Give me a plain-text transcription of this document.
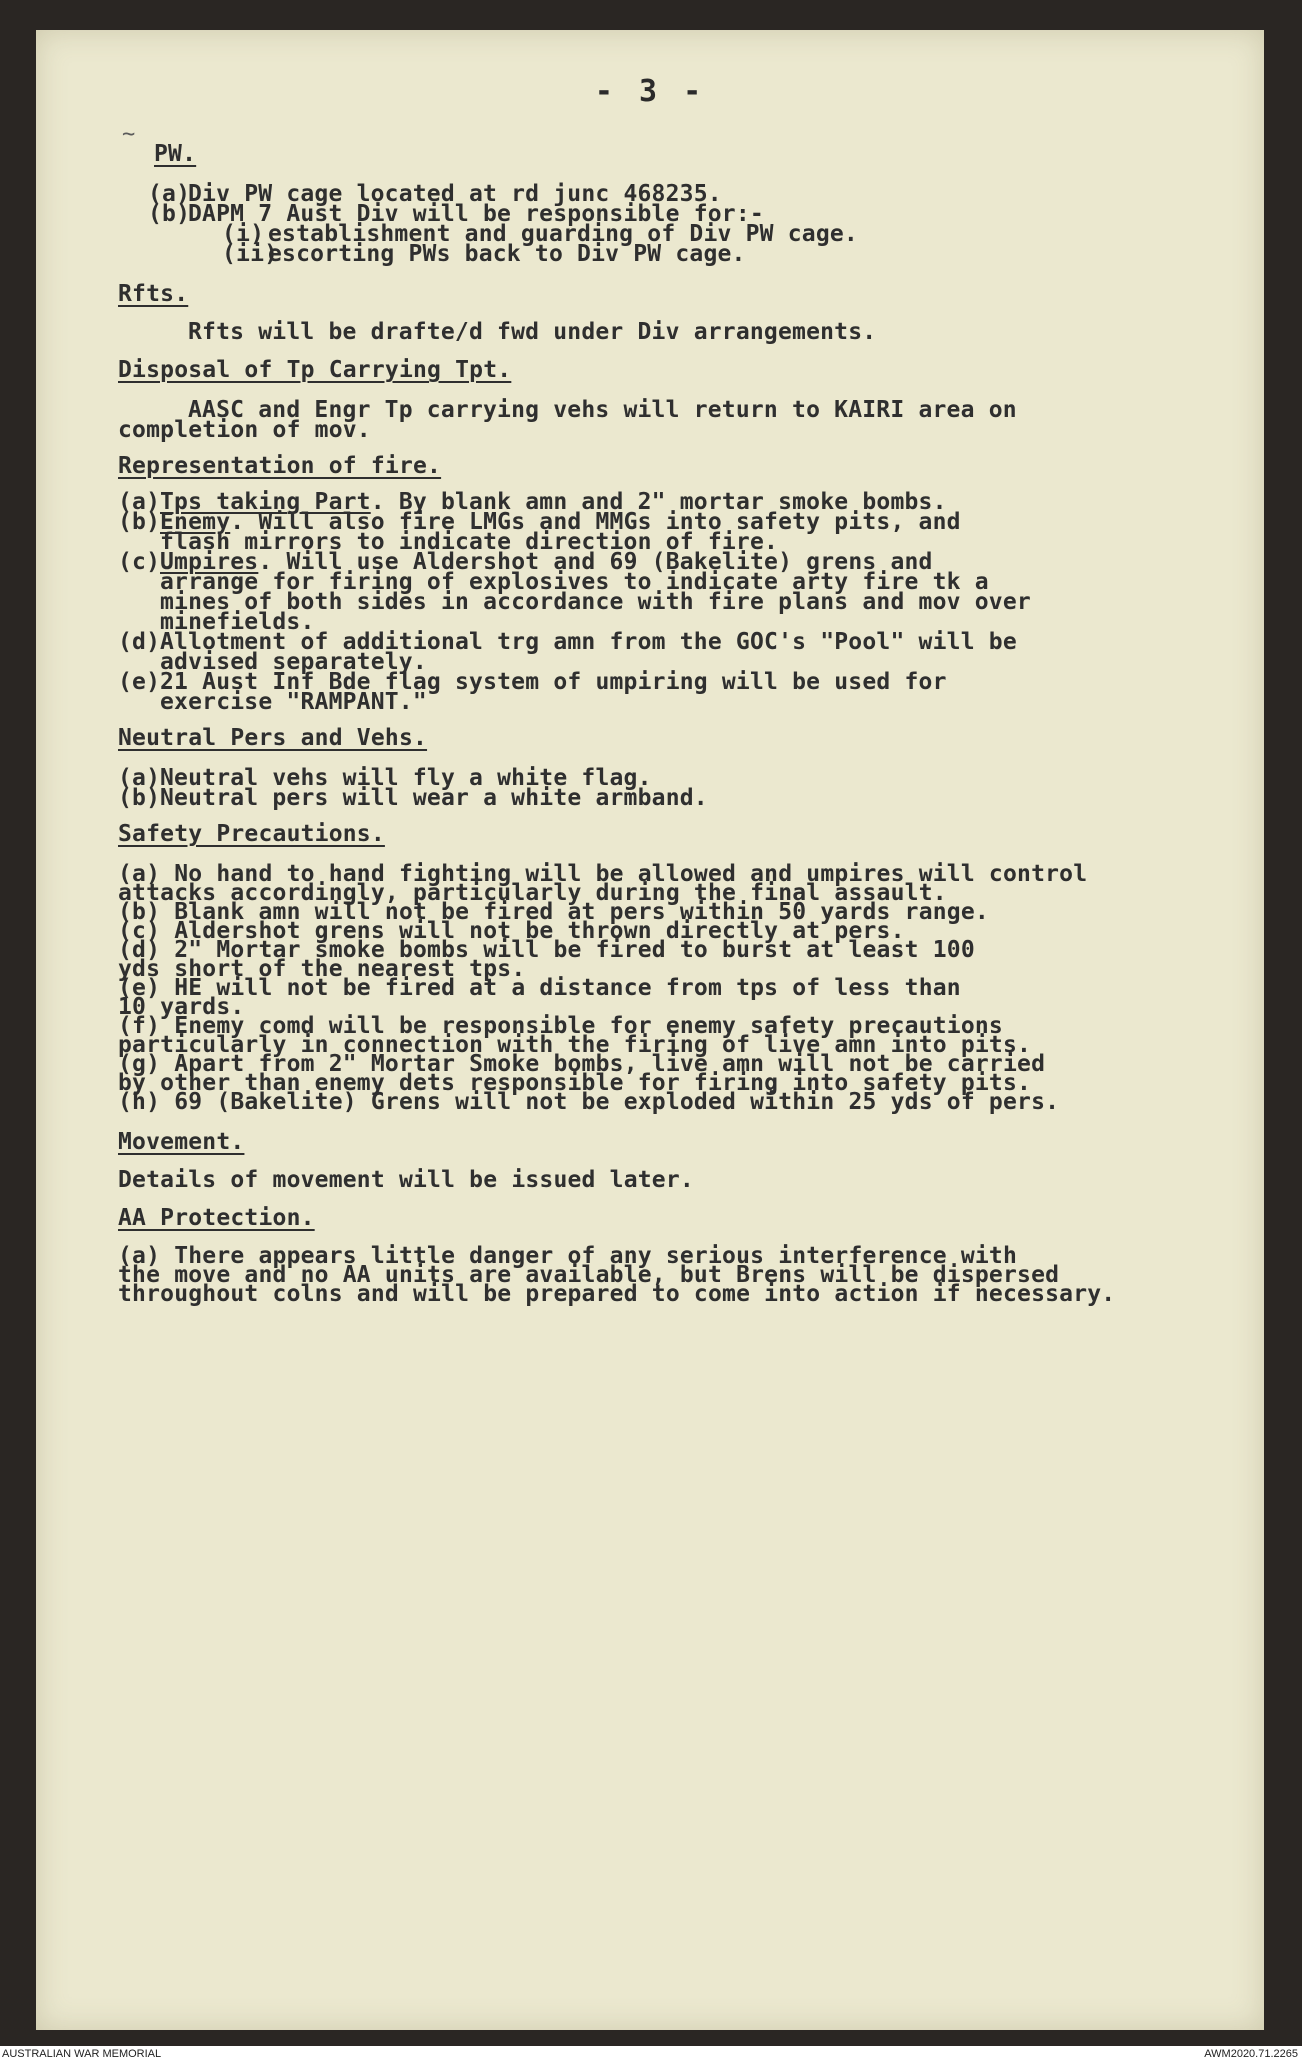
- 3 -
~
PW.
(a)
Div PW cage located at rd junc 468235.
(b)
DAPM 7 Aust Div will be responsible for:-
(i) establishment and guarding of Div PW cage.
(ii)
escorting PWs back to Div PW cage.
Rfts.
Rfts will be drafte/d fwd under Div arrangements.
Disposal of Tp Carrying Tpt.
AASC and Engr Tp carrying vehs will return to KAIRI area on
completion of mov.
Representation of fire.
(a) Tps taking Part. By blank amn and 2" mortar smoke bombs.
(b) Enemy. Will also fire LMGs and MMGs into safety pits, and
flash mirrors to indicate direction of fire.
(c) Umpires. Will use Aldershot and 69 (Bakelite) grens and
arrange for firing of explosives to indicate arty fire tk a
mines of both sides in accordance with fire plans and mov over
minefields.
(d) Allotment of additional trg amn from the GOC's "Pool" will be
advised separately.
(e) 21 Aust Inf Bde flag system of umpiring will be used for
exercise "RAMPANT."
Neutral Pers and Vehs.
(a) Neutral vehs will fly a white flag.
(b) Neutral pers will wear a white armband.
Safety Precautions.
(a) No hand to hand fighting will be allowed and umpires will control
attacks accordingly, particularly during the final assault.
(b) Blank amn will not be fired at pers within 50 yards range.
(c) Aldershot grens will not be thrown directly at pers.
(d) 2" Mortar smoke bombs will be fired to burst at least 100
yds short of the nearest tps.
(e) HE will not be fired at a distance from tps of less than
10 yards.
(f) Enemy comd will be responsible for enemy safety precautions
particularly in connection with the firing of live amn into pits.
(g) Apart from 2" Mortar Smoke bombs, live amn will not be carried
by other than enemy dets responsible for firing into safety pits.
(h) 69 (Bakelite) Grens will not be exploded within 25 yds of pers.
Movement.
Details of movement will be issued later.
AA Protection.
(a) There appears little danger of any serious interference with
the move and no AA units are available, but Brens will be dispersed
throughout colns and will be prepared to come into action if necessary.
AUSTRALIAN WAR MEMORIAL	AWM2020.71.2265
